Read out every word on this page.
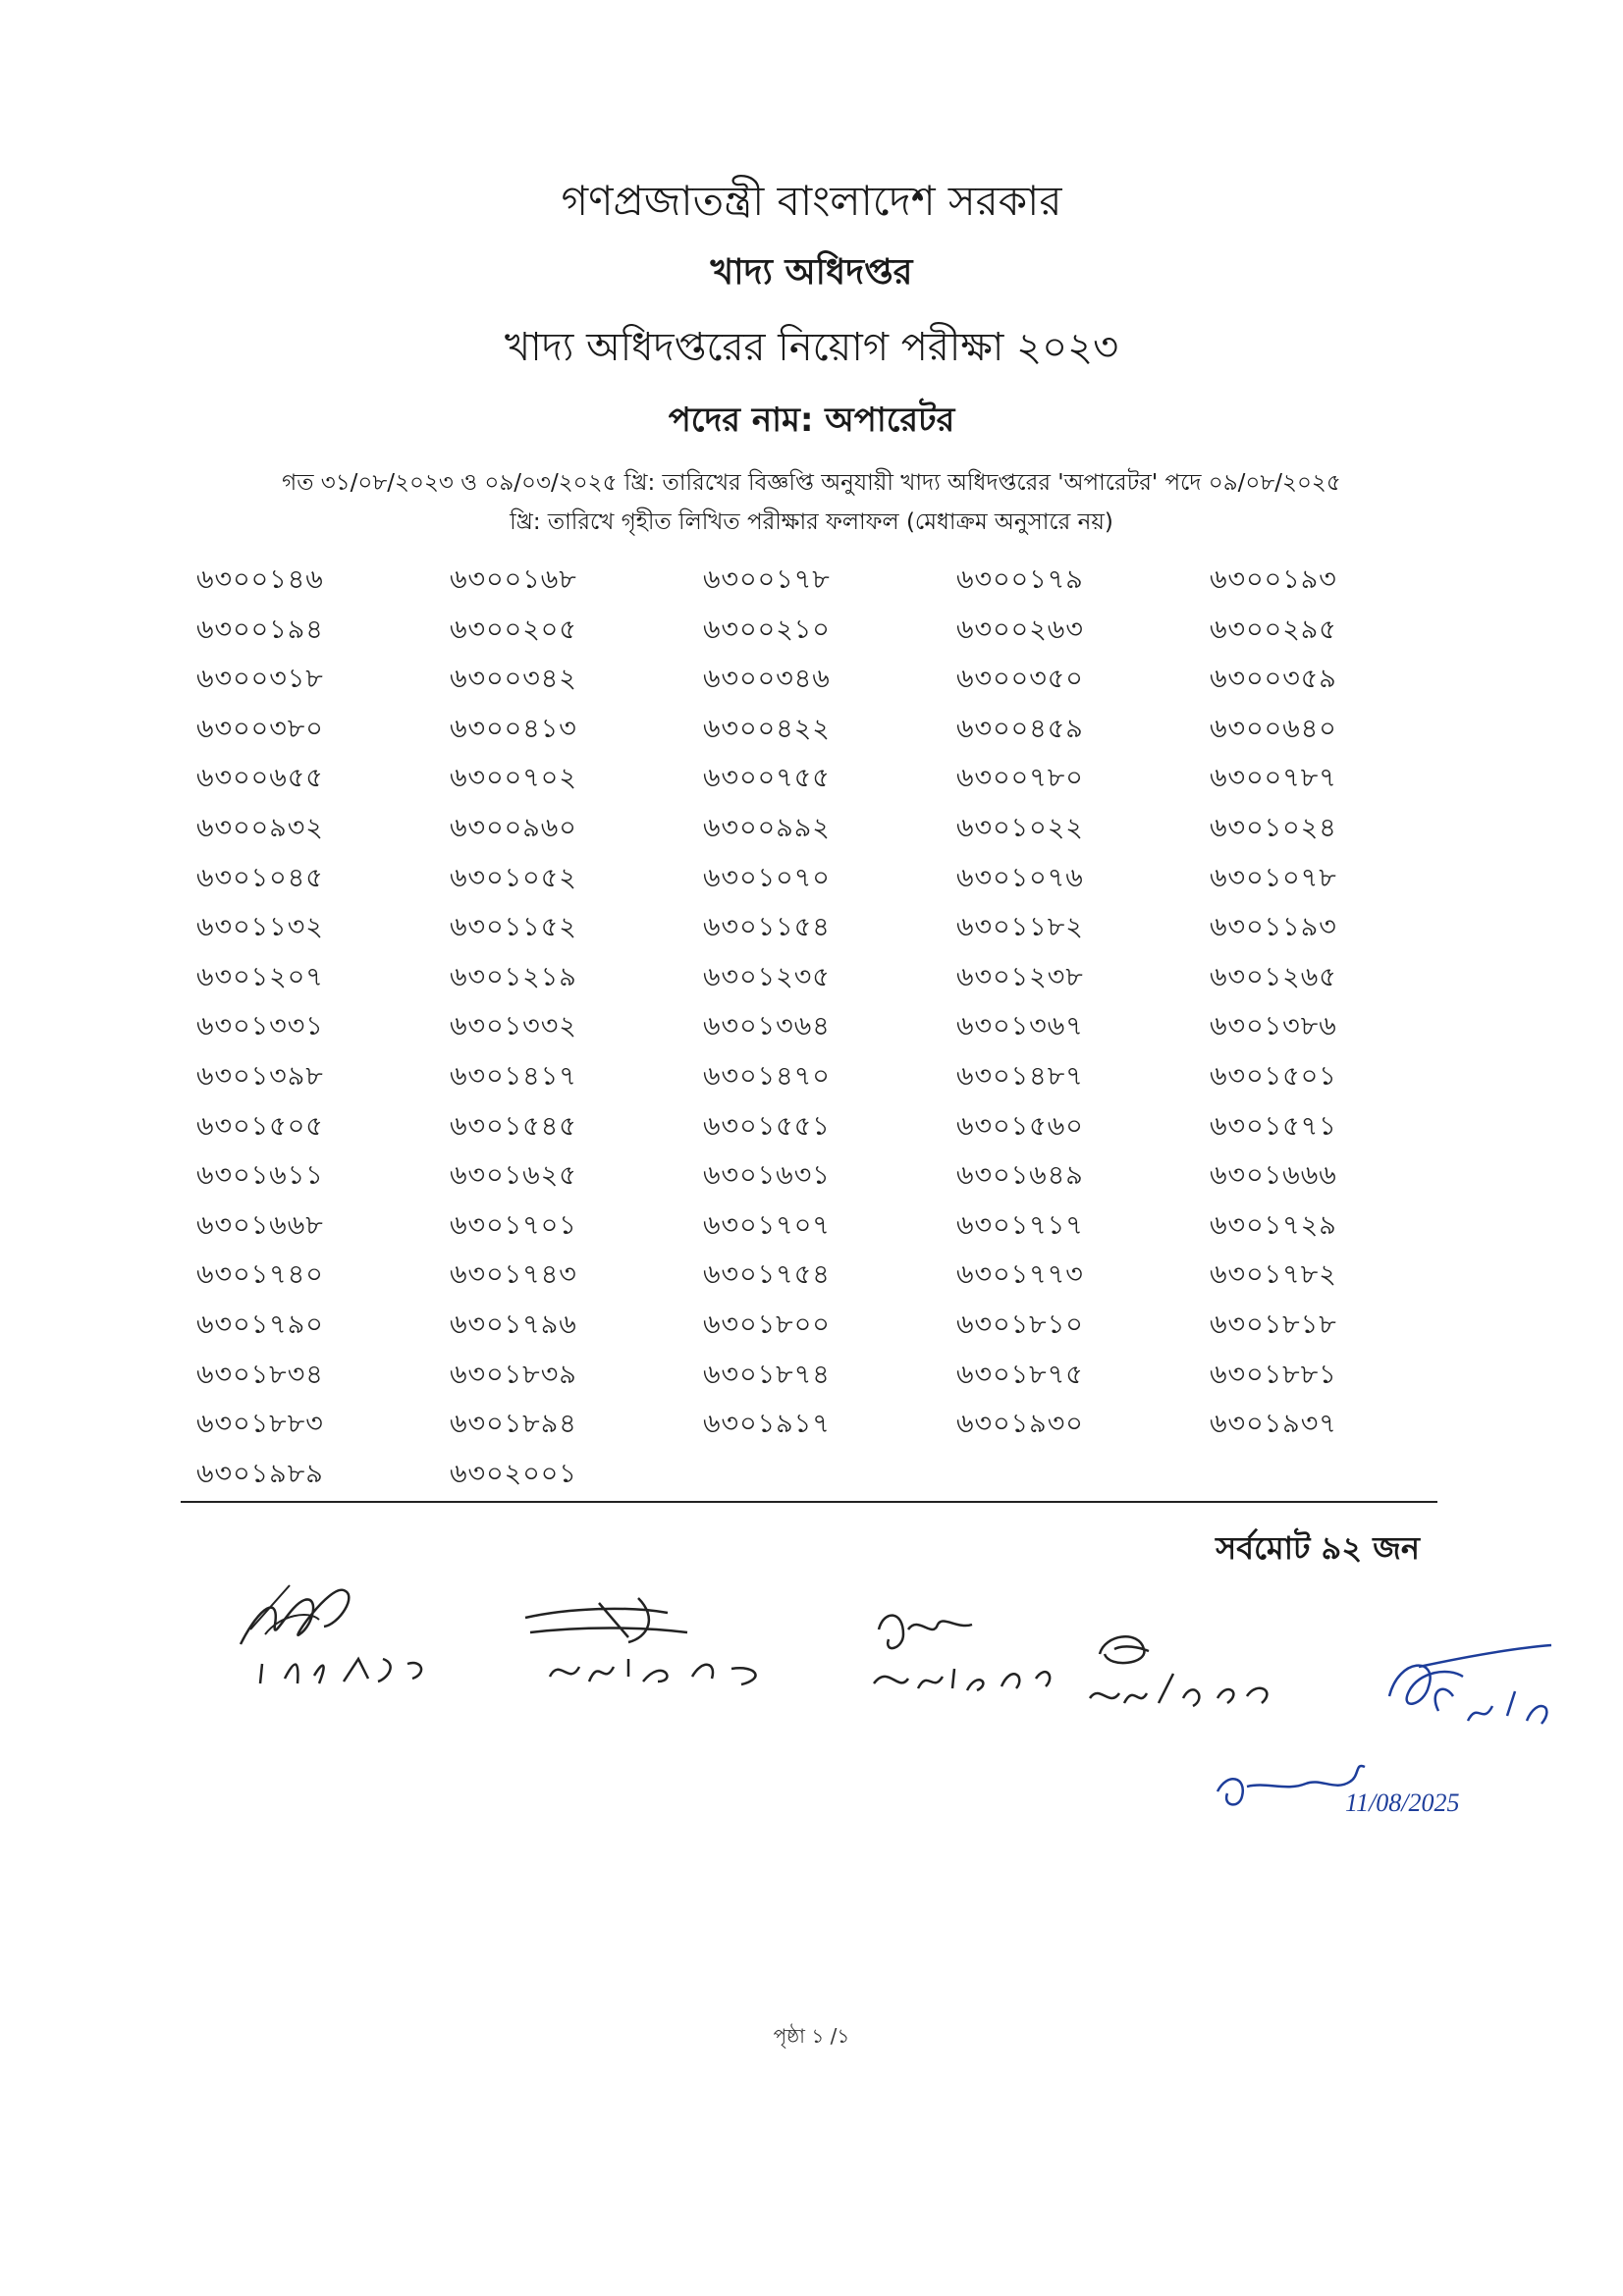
গণপ্রজাতন্ত্রী বাংলাদেশ সরকার
খাদ্য অধিদপ্তর
খাদ্য অধিদপ্তরের নিয়োগ পরীক্ষা ২০২৩
পদের নাম: অপারেটর
গত ৩১/০৮/২০২৩ ও ০৯/০৩/২০২৫ খ্রি: তারিখের বিজ্ঞপ্তি অনুযায়ী খাদ্য অধিদপ্তরের 'অপারেটর' পদে ০৯/০৮/২০২৫
খ্রি: তারিখে গৃহীত লিখিত পরীক্ষার ফলাফল (মেধাক্রম অনুসারে নয়)
৬৩০০১৪৬	৬৩০০১৬৮	৬৩০০১৭৮	৬৩০০১৭৯	৬৩০০১৯৩
৬৩০০১৯৪	৬৩০০২০৫	৬৩০০২১০	৬৩০০২৬৩	৬৩০০২৯৫
৬৩০০৩১৮	৬৩০০৩৪২	৬৩০০৩৪৬	৬৩০০৩৫০	৬৩০০৩৫৯
৬৩০০৩৮০	৬৩০০৪১৩	৬৩০০৪২২	৬৩০০৪৫৯	৬৩০০৬৪০
৬৩০০৬৫৫	৬৩০০৭০২	৬৩০০৭৫৫	৬৩০০৭৮০	৬৩০০৭৮৭
৬৩০০৯৩২	৬৩০০৯৬০	৬৩০০৯৯২	৬৩০১০২২	৬৩০১০২৪
৬৩০১০৪৫	৬৩০১০৫২	৬৩০১০৭০	৬৩০১০৭৬	৬৩০১০৭৮
৬৩০১১৩২	৬৩০১১৫২	৬৩০১১৫৪	৬৩০১১৮২	৬৩০১১৯৩
৬৩০১২০৭	৬৩০১২১৯	৬৩০১২৩৫	৬৩০১২৩৮	৬৩০১২৬৫
৬৩০১৩৩১	৬৩০১৩৩২	৬৩০১৩৬৪	৬৩০১৩৬৭	৬৩০১৩৮৬
৬৩০১৩৯৮	৬৩০১৪১৭	৬৩০১৪৭০	৬৩০১৪৮৭	৬৩০১৫০১
৬৩০১৫০৫	৬৩০১৫৪৫	৬৩০১৫৫১	৬৩০১৫৬০	৬৩০১৫৭১
৬৩০১৬১১	৬৩০১৬২৫	৬৩০১৬৩১	৬৩০১৬৪৯	৬৩০১৬৬৬
৬৩০১৬৬৮	৬৩০১৭০১	৬৩০১৭০৭	৬৩০১৭১৭	৬৩০১৭২৯
৬৩০১৭৪০	৬৩০১৭৪৩	৬৩০১৭৫৪	৬৩০১৭৭৩	৬৩০১৭৮২
৬৩০১৭৯০	৬৩০১৭৯৬	৬৩০১৮০০	৬৩০১৮১০	৬৩০১৮১৮
৬৩০১৮৩৪	৬৩০১৮৩৯	৬৩০১৮৭৪	৬৩০১৮৭৫	৬৩০১৮৮১
৬৩০১৮৮৩	৬৩০১৮৯৪	৬৩০১৯১৭	৬৩০১৯৩০	৬৩০১৯৩৭
৬৩০১৯৮৯	৬৩০২০০১
সর্বমোট ৯২ জন
১১/৮/২৫
11/08/2025
পৃষ্ঠা ১ /১
